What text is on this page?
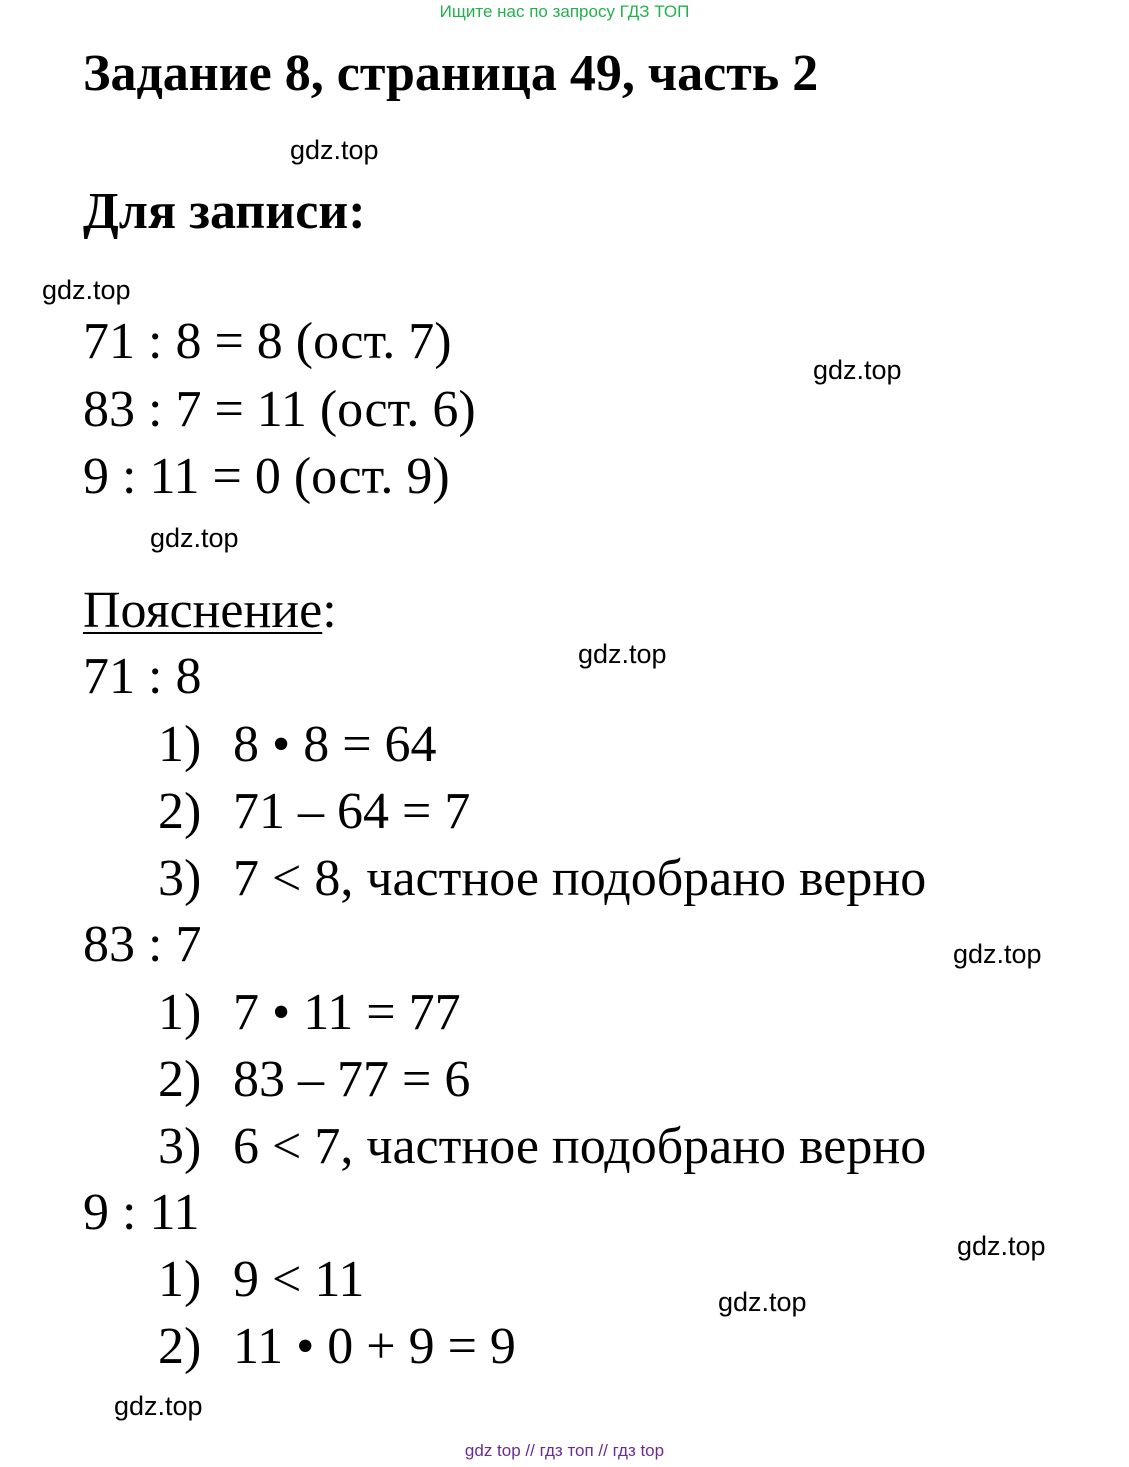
Ищите нас по запросу ГДЗ ТОП
Задание 8, страница 49, часть 2
Для записи:
71 : 8 = 8 (ост. 7)
83 : 7 = 11 (ост. 6)
9 : 11 = 0 (ост. 9)
Пояснение:
71 : 8
1) 8 • 8 = 64
2) 71 – 64 = 7
3) 7 < 8, частное подобрано верно
83 : 7
1) 7 • 11 = 77
2) 83 – 77 = 6
3) 6 < 7, частное подобрано верно
9 : 11
1) 9 < 11
2) 11 • 0 + 9 = 9
gdz.top
gdz.top
gdz.top
gdz.top
gdz.top
gdz.top
gdz.top
gdz.top
gdz.top
gdz top // гдз топ // гдз top
